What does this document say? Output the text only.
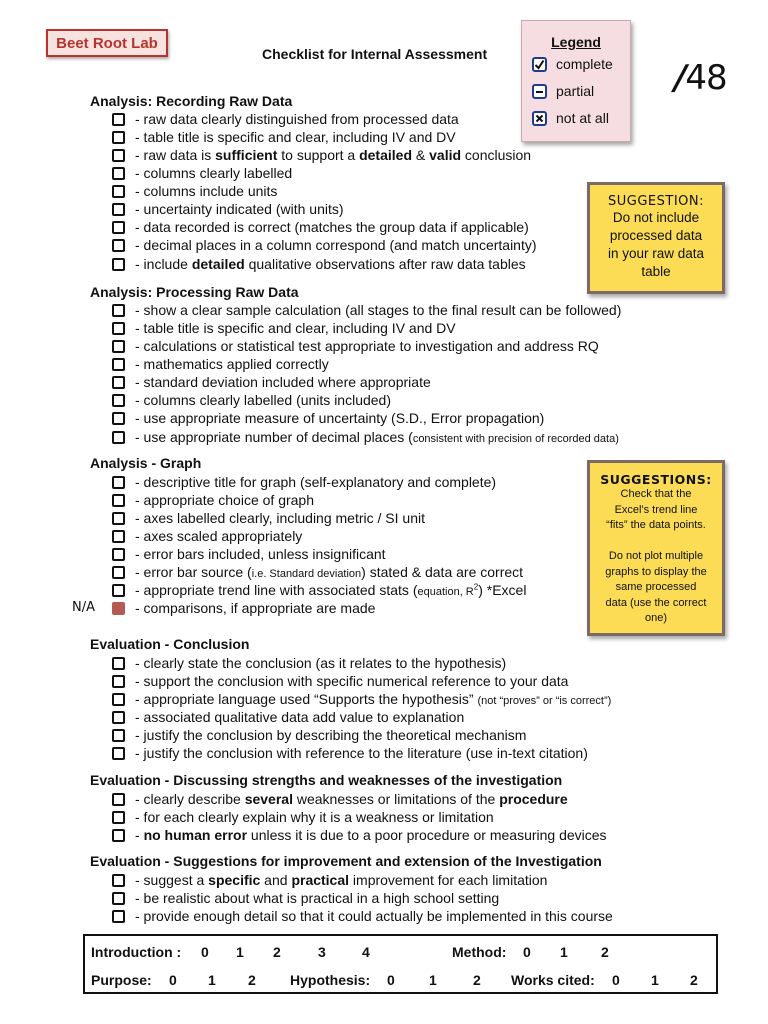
Beet Root Lab
Checklist for Internal Assessment
Legend
complete
partial
not at all
/48
Analysis: Recording Raw Data
- raw data clearly distinguished from processed data
- table title is specific and clear, including IV and DV
- raw data is sufficient to support a detailed & valid conclusion
- columns clearly labelled
- columns include units
- uncertainty indicated (with units)
- data recorded is correct (matches the group data if applicable)
- decimal places in a column correspond (and match uncertainty)
- include detailed qualitative observations after raw data tables
SUGGESTION:
Do not include
processed data
in your raw data
table
Analysis: Processing Raw Data
- show a clear sample calculation (all stages to the final result can be followed)
- table title is specific and clear, including IV and DV
- calculations or statistical test appropriate to investigation and address RQ
- mathematics applied correctly
- standard deviation included where appropriate
- columns clearly labelled (units included)
- use appropriate measure of uncertainty (S.D., Error propagation)
- use appropriate number of decimal places (consistent with precision of recorded data)
Analysis - Graph
- descriptive title for graph (self-explanatory and complete)
- appropriate choice of graph
- axes labelled clearly, including metric / SI unit
- axes scaled appropriately
- error bars included, unless insignificant
- error bar source (i.e. Standard deviation) stated & data are correct
- appropriate trend line with associated stats (equation, $R^2$) *Excel
N/A	- comparisons, if appropriate are made
SUGGESTIONS:
Check that the
Excel's trend line
“fits” the data points.
Do not plot multiple
graphs to display the
same processed
data (use the correct
one)
Evaluation - Conclusion
- clearly state the conclusion (as it relates to the hypothesis)
- support the conclusion with specific numerical reference to your data
- appropriate language used “Supports the hypothesis” (not “proves” or “is correct”)
- associated qualitative data add value to explanation
- justify the conclusion by describing the theoretical mechanism
- justify the conclusion with reference to the literature (use in-text citation)
Evaluation - Discussing strengths and weaknesses of the investigation
- clearly describe several weaknesses or limitations of the procedure
- for each clearly explain why it is a weakness or limitation
- no human error unless it is due to a poor procedure or measuring devices
Evaluation - Suggestions for improvement and extension of the Investigation
- suggest a specific and practical improvement for each limitation
- be realistic about what is practical in a high school setting
- provide enough detail so that it could actually be implemented in this course
Introduction : 0 1 2	3	4	Method: 0 1 2
Purpose: 0 1 2 Hypothesis: 0 1	2 Works cited: 0 1 2
